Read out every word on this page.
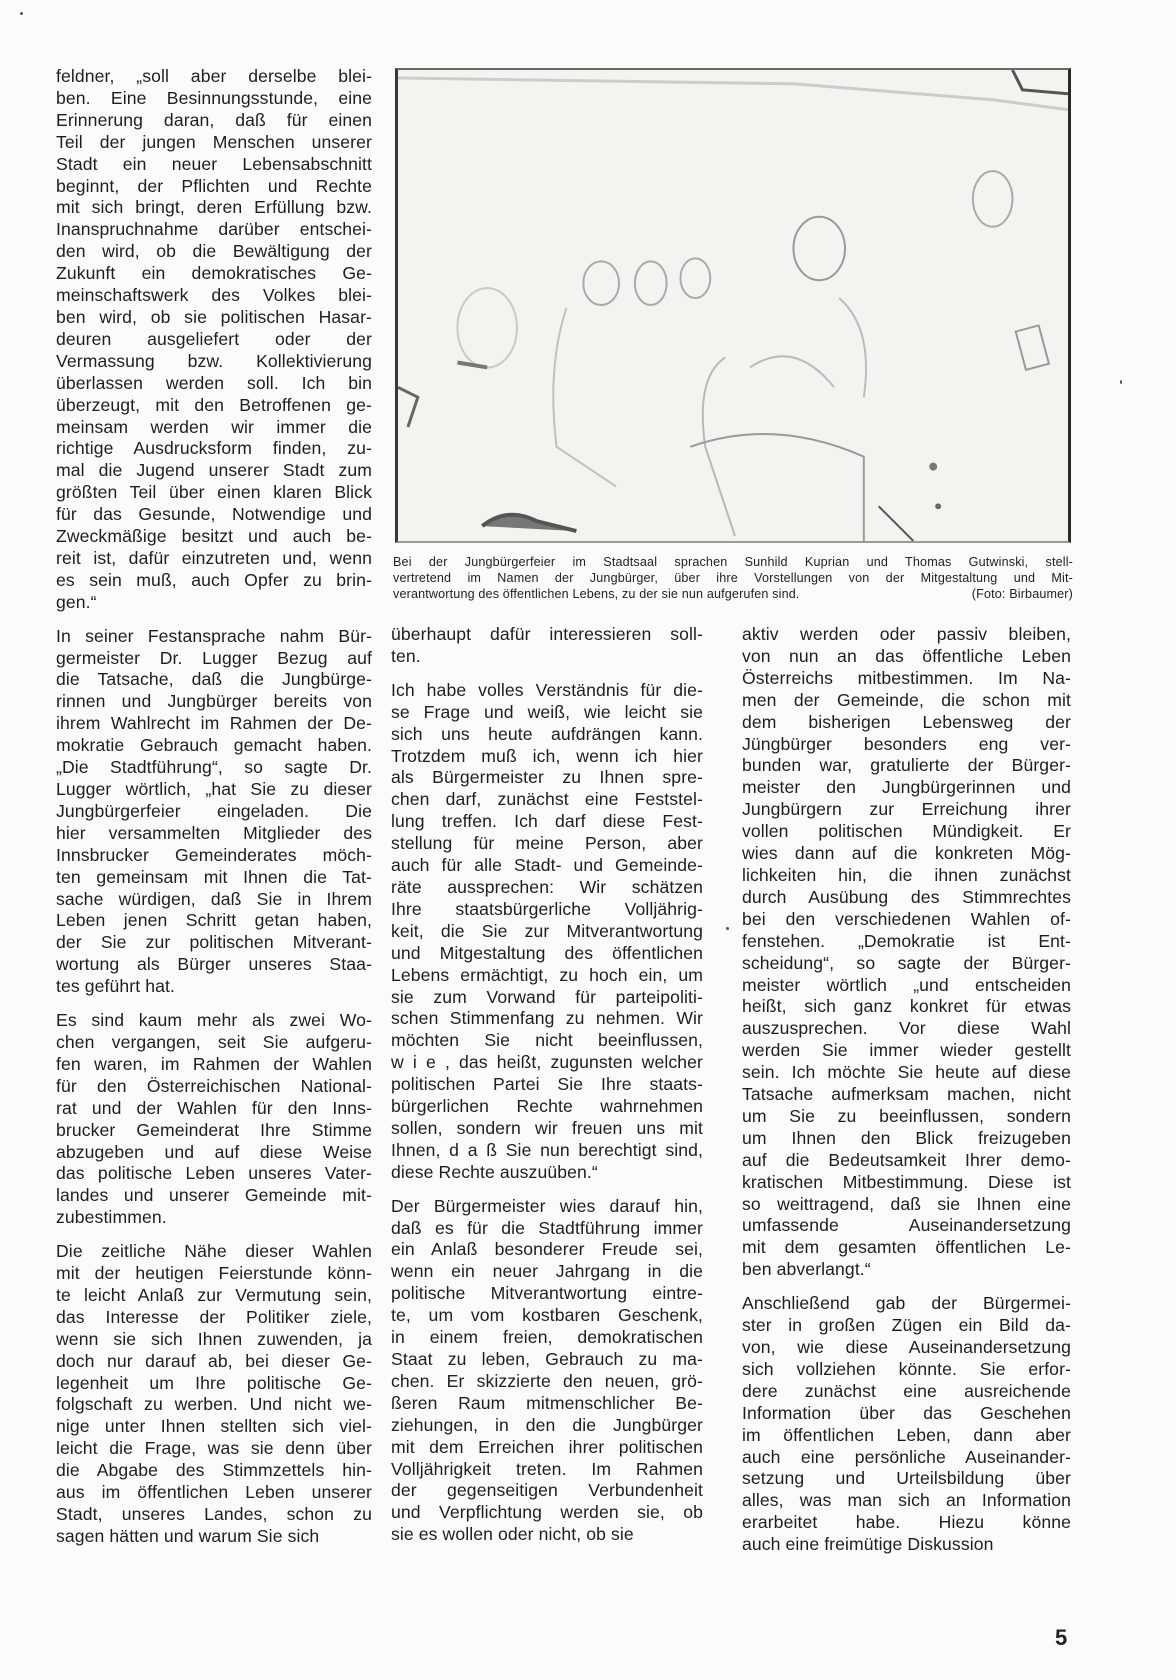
Bei der Jungbürgerfeier im Stadtsaal sprachen Sunhild Kuprian und Thomas Gutwinski, stell-
vertretend im Namen der Jungbürger, über ihre Vorstellungen von der Mitgestaltung und Mit-
verantwortung des öffentlichen Lebens, zu der sie nun aufgerufen sind.	(Foto: Birbaumer)

feldner, „soll aber derselbe blei-
ben. Eine Besinnungsstunde, eine
Erinnerung daran, daß für einen
Teil der jungen Menschen unserer
Stadt ein neuer Lebensabschnitt
beginnt, der Pflichten und Rechte
mit sich bringt, deren Erfüllung bzw.
Inanspruchnahme darüber entschei-
den wird, ob die Bewältigung der
Zukunft ein demokratisches Ge-
meinschaftswerk des Volkes blei-
ben wird, ob sie politischen Hasar-
deuren ausgeliefert oder der
Vermassung bzw. Kollektivierung
überlassen werden soll. Ich bin
überzeugt, mit den Betroffenen ge-
meinsam werden wir immer die
richtige Ausdrucksform finden, zu-
mal die Jugend unserer Stadt zum
größten Teil über einen klaren Blick
für das Gesunde, Notwendige und
Zweckmäßige besitzt und auch be-
reit ist, dafür einzutreten und, wenn
es sein muß, auch Opfer zu brin-
gen.“

In seiner Festansprache nahm Bür-
germeister Dr. Lugger Bezug auf
die Tatsache, daß die Jungbürge-
rinnen und Jungbürger bereits von
ihrem Wahlrecht im Rahmen der De-
mokratie Gebrauch gemacht haben.
„Die Stadtführung“, so sagte Dr.
Lugger wörtlich, „hat Sie zu dieser
Jungbürgerfeier eingeladen. Die
hier versammelten Mitglieder des
Innsbrucker Gemeinderates möch-
ten gemeinsam mit Ihnen die Tat-
sache würdigen, daß Sie in Ihrem
Leben jenen Schritt getan haben,
der Sie zur politischen Mitverant-
wortung als Bürger unseres Staa-
tes geführt hat.

Es sind kaum mehr als zwei Wo-
chen vergangen, seit Sie aufgeru-
fen waren, im Rahmen der Wahlen
für den Österreichischen National-
rat und der Wahlen für den Inns-
brucker Gemeinderat Ihre Stimme
abzugeben und auf diese Weise
das politische Leben unseres Vater-
landes und unserer Gemeinde mit-
zubestimmen.

Die zeitliche Nähe dieser Wahlen
mit der heutigen Feierstunde könn-
te leicht Anlaß zur Vermutung sein,
das Interesse der Politiker ziele,
wenn sie sich Ihnen zuwenden, ja
doch nur darauf ab, bei dieser Ge-
legenheit um Ihre politische Ge-
folgschaft zu werben. Und nicht we-
nige unter Ihnen stellten sich viel-
leicht die Frage, was sie denn über
die Abgabe des Stimmzettels hin-
aus im öffentlichen Leben unserer
Stadt, unseres Landes, schon zu
sagen hätten und warum Sie sich

überhaupt dafür interessieren soll-
ten.

Ich habe volles Verständnis für die-
se Frage und weiß, wie leicht sie
sich uns heute aufdrängen kann.
Trotzdem muß ich, wenn ich hier
als Bürgermeister zu Ihnen spre-
chen darf, zunächst eine Feststel-
lung treffen. Ich darf diese Fest-
stellung für meine Person, aber
auch für alle Stadt- und Gemeinde-
räte aussprechen: Wir schätzen
Ihre staatsbürgerliche Volljährig-
keit, die Sie zur Mitverantwortung
und Mitgestaltung des öffentlichen
Lebens ermächtigt, zu hoch ein, um
sie zum Vorwand für parteipoliti-
schen Stimmenfang zu nehmen. Wir
möchten Sie nicht beeinflussen,
w i e , das heißt, zugunsten welcher
politischen Partei Sie Ihre staats-
bürgerlichen Rechte wahrnehmen
sollen, sondern wir freuen uns mit
Ihnen, d a ß Sie nun berechtigt sind,
diese Rechte auszuüben.“

Der Bürgermeister wies darauf hin,
daß es für die Stadtführung immer
ein Anlaß besonderer Freude sei,
wenn ein neuer Jahrgang in die
politische Mitverantwortung eintre-
te, um vom kostbaren Geschenk,
in einem freien, demokratischen
Staat zu leben, Gebrauch zu ma-
chen. Er skizzierte den neuen, grö-
ßeren Raum mitmenschlicher Be-
ziehungen, in den die Jungbürger
mit dem Erreichen ihrer politischen
Volljährigkeit treten. Im Rahmen
der gegenseitigen Verbundenheit
und Verpflichtung werden sie, ob
sie es wollen oder nicht, ob sie

aktiv werden oder passiv bleiben,
von nun an das öffentliche Leben
Österreichs mitbestimmen. Im Na-
men der Gemeinde, die schon mit
dem bisherigen Lebensweg der
Jüngbürger besonders eng ver-
bunden war, gratulierte der Bürger-
meister den Jungbürgerinnen und
Jungbürgern zur Erreichung ihrer
vollen politischen Mündigkeit. Er
wies dann auf die konkreten Mög-
lichkeiten hin, die ihnen zunächst
durch Ausübung des Stimmrechtes
bei den verschiedenen Wahlen of-
fenstehen. „Demokratie ist Ent-
scheidung“, so sagte der Bürger-
meister wörtlich „und entscheiden
heißt, sich ganz konkret für etwas
auszusprechen. Vor diese Wahl
werden Sie immer wieder gestellt
sein. Ich möchte Sie heute auf diese
Tatsache aufmerksam machen, nicht
um Sie zu beeinflussen, sondern
um Ihnen den Blick freizugeben
auf die Bedeutsamkeit Ihrer demo-
kratischen Mitbestimmung. Diese ist
so weittragend, daß sie Ihnen eine
umfassende Auseinandersetzung
mit dem gesamten öffentlichen Le-
ben abverlangt.“

Anschließend gab der Bürgermei-
ster in großen Zügen ein Bild da-
von, wie diese Auseinandersetzung
sich vollziehen könnte. Sie erfor-
dere zunächst eine ausreichende
Information über das Geschehen
im öffentlichen Leben, dann aber
auch eine persönliche Auseinander-
setzung und Urteilsbildung über
alles, was man sich an Information
erarbeitet habe. Hiezu könne
auch eine freimütige Diskussion

5
